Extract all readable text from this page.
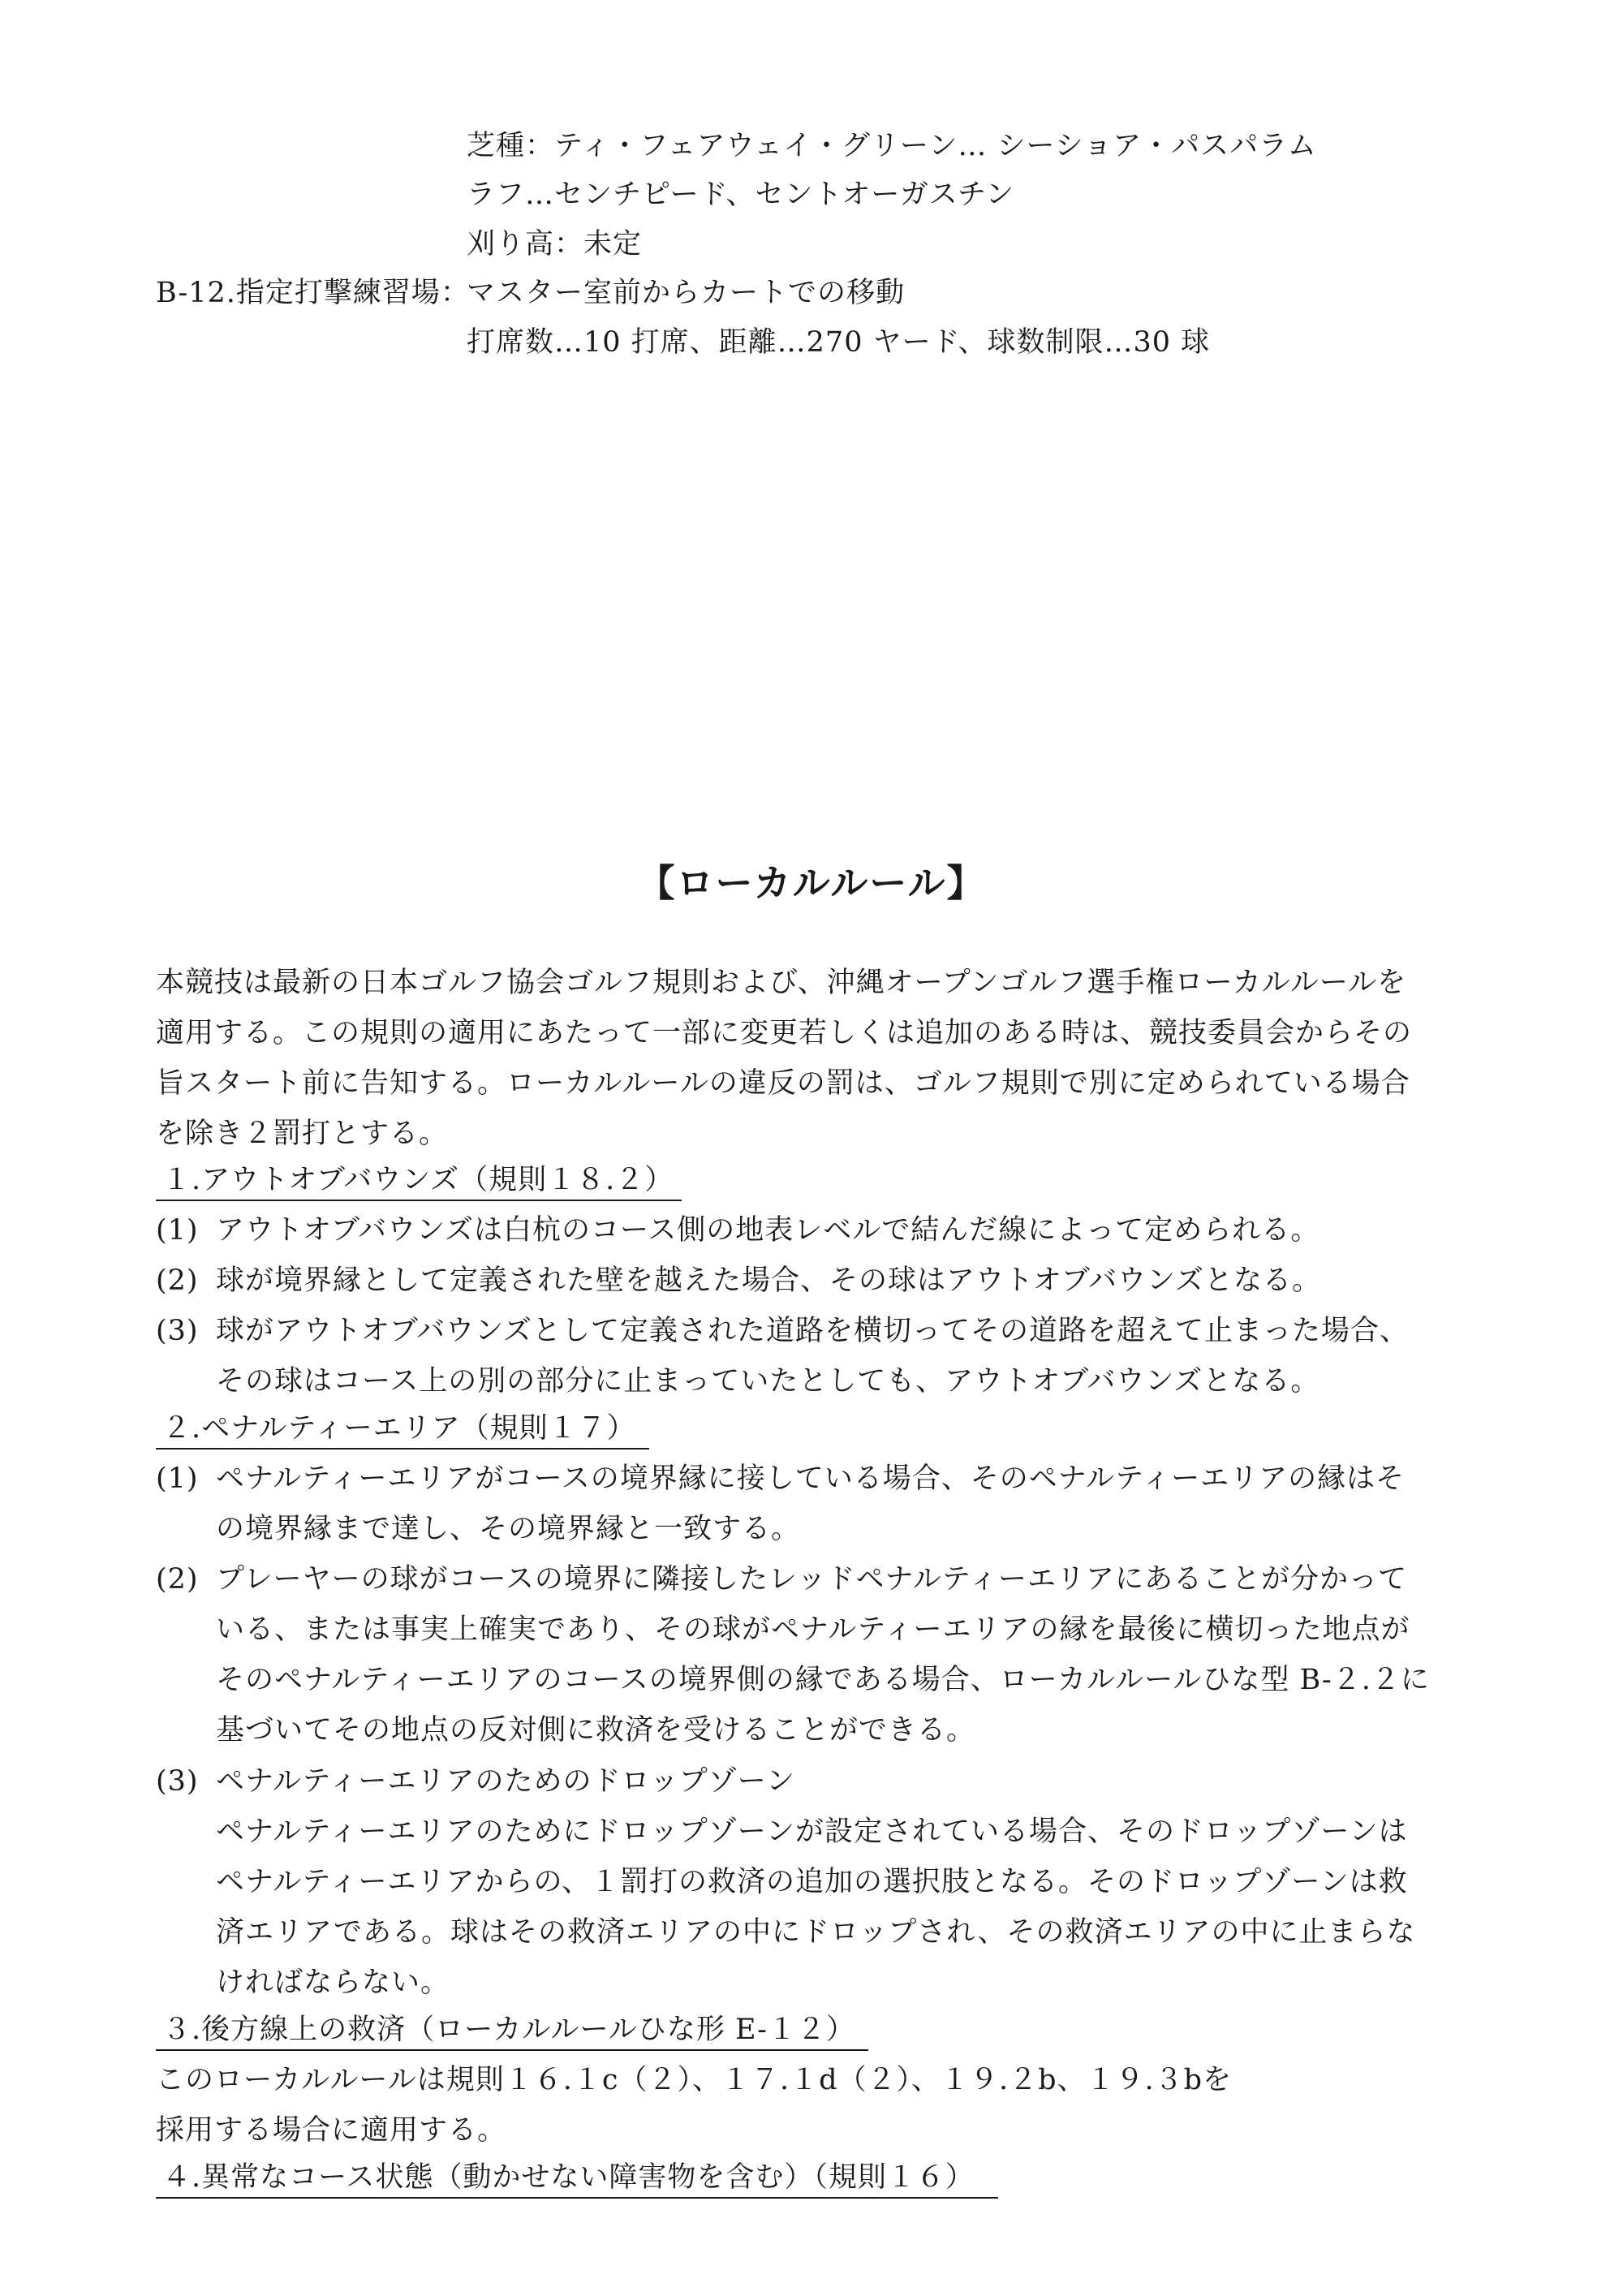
芝種：ティ・フェアウェイ・グリーン… シーショア・パスパラム
ラフ…センチピード、セントオーガスチン
刈り高：未定
B-12.指定打撃練習場：
マスター室前からカートでの移動
打席数…10 打席、距離…270 ヤード、球数制限…30 球
【ローカルルール】
本競技は最新の日本ゴルフ協会ゴルフ規則および、沖縄オープンゴルフ選手権ローカルルールを
適用する。この規則の適用にあたって一部に変更若しくは追加のある時は、競技委員会からその
旨スタート前に告知する。ローカルルールの違反の罰は、ゴルフ規則で別に定められている場合
を除き２罰打とする。
１.アウトオブバウンズ（規則１８.２）
(1) アウトオブバウンズは白杭のコース側の地表レベルで結んだ線によって定められる。
(2) 球が境界縁として定義された壁を越えた場合、その球はアウトオブバウンズとなる。
(3) 球がアウトオブバウンズとして定義された道路を横切ってその道路を超えて止まった場合、
その球はコース上の別の部分に止まっていたとしても、アウトオブバウンズとなる。
２.ペナルティーエリア（規則１７）
(1) ペナルティーエリアがコースの境界縁に接している場合、そのペナルティーエリアの縁はそ
の境界縁まで達し、その境界縁と一致する。
(2) プレーヤーの球がコースの境界に隣接したレッドペナルティーエリアにあることが分かって
いる、または事実上確実であり、その球がペナルティーエリアの縁を最後に横切った地点が
そのペナルティーエリアのコースの境界側の縁である場合、ローカルルールひな型 B-２.２に
基づいてその地点の反対側に救済を受けることができる。
(3) ペナルティーエリアのためのドロップゾーン
ペナルティーエリアのためにドロップゾーンが設定されている場合、そのドロップゾーンは
ペナルティーエリアからの、１罰打の救済の追加の選択肢となる。そのドロップゾーンは救
済エリアである。球はその救済エリアの中にドロップされ、その救済エリアの中に止まらな
ければならない。
３.後方線上の救済（ローカルルールひな形 E-１２）
このローカルルールは規則１６.１c（２）、１７.１d（２）、１９.２b、１９.３bを
採用する場合に適用する。
４.異常なコース状態（動かせない障害物を含む）（規則１６）
